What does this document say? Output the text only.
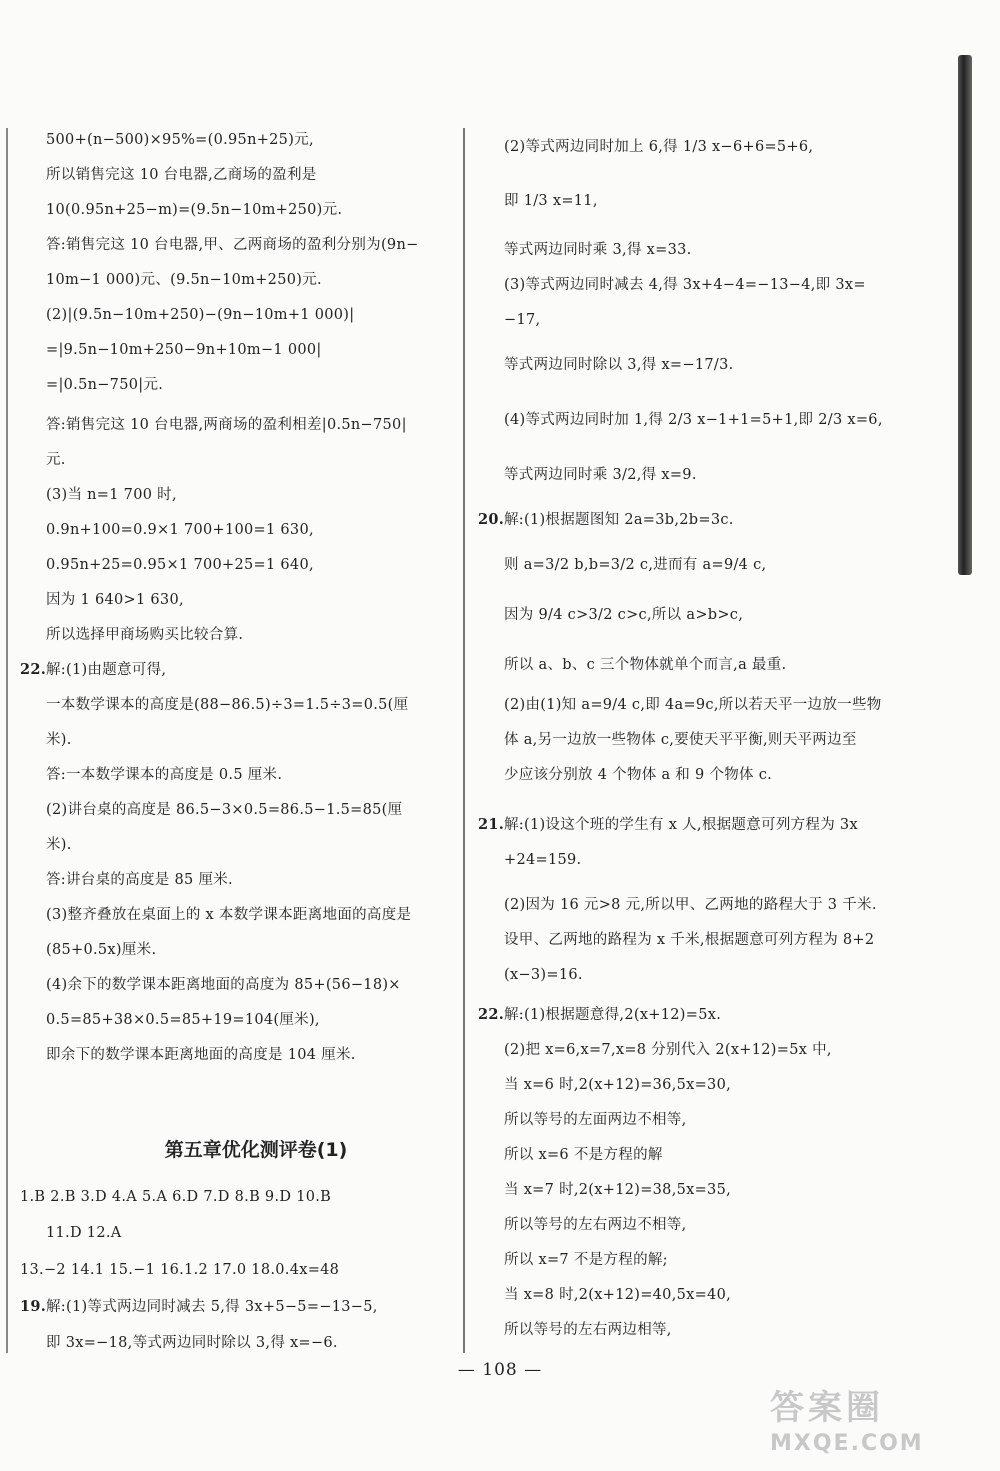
500+(n−500)×95%=(0.95n+25)元,
所以销售完这 10 台电器,乙商场的盈利是
10(0.95n+25−m)=(9.5n−10m+250)元.
答:销售完这 10 台电器,甲、乙两商场的盈利分别为(9n−
10m−1 000)元、(9.5n−10m+250)元.
(2)|(9.5n−10m+250)−(9n−10m+1 000)|
=|9.5n−10m+250−9n+10m−1 000|
=|0.5n−750|元.
答:销售完这 10 台电器,两商场的盈利相差|0.5n−750|
元.
(3)当 n=1 700 时,
0.9n+100=0.9×1 700+100=1 630,
0.95n+25=0.95×1 700+25=1 640,
因为 1 640>1 630,
所以选择甲商场购买比较合算.
解:(1)由题意可得,
一本数学课本的高度是(88−86.5)÷3=1.5÷3=0.5(厘
米).
答:一本数学课本的高度是 0.5 厘米.
(2)讲台桌的高度是 86.5−3×0.5=86.5−1.5=85(厘
米).
答:讲台桌的高度是 85 厘米.
(3)整齐叠放在桌面上的 x 本数学课本距离地面的高度是
(85+0.5x)厘米.
(4)余下的数学课本距离地面的高度为 85+(56−18)×
0.5=85+38×0.5=85+19=104(厘米),
即余下的数学课本距离地面的高度是 104 厘米.
22.
第五章优化测评卷(1)
1.B 2.B 3.D 4.A 5.A 6.D 7.D 8.B 9.D 10.B
11.D 12.A
13.−2 14.1 15.−1 16.1.2 17.0 18.0.4x=48
19. 解:(1)等式两边同时减去 5,得 3x+5−5=−13−5,
即 3x=−18,等式两边同时除以 3,得 x=−6.
(2)等式两边同时加上 6,得 1/3 x−6+6=5+6,
即 1/3 x=11,
等式两边同时乘 3,得 x=33.
(3)等式两边同时减去 4,得 3x+4−4=−13−4,即 3x=
−17,
等式两边同时除以 3,得 x=−17/3.
(4)等式两边同时加 1,得 2/3 x−1+1=5+1,即 2/3 x=6,
等式两边同时乘 3/2,得 x=9.
解:(1)根据题图知 2a=3b,2b=3c.
则 a=3/2 b,b=3/2 c,进而有 a=9/4 c,
因为 9/4 c>3/2 c>c,所以 a>b>c,
所以 a、b、c 三个物体就单个而言,a 最重.
(2)由(1)知 a=9/4 c,即 4a=9c,所以若天平一边放一些物
体 a,另一边放一些物体 c,要使天平平衡,则天平两边至
少应该分别放 4 个物体 a 和 9 个物体 c.
解:(1)设这个班的学生有 x 人,根据题意可列方程为 3x
+24=159.
(2)因为 16 元>8 元,所以甲、乙两地的路程大于 3 千米.
设甲、乙两地的路程为 x 千米,根据题意可列方程为 8+2
(x−3)=16.
解:(1)根据题意得,2(x+12)=5x.
(2)把 x=6,x=7,x=8 分别代入 2(x+12)=5x 中,
当 x=6 时,2(x+12)=36,5x=30,
所以等号的左面两边不相等,
所以 x=6 不是方程的解
当 x=7 时,2(x+12)=38,5x=35,
所以等号的左右两边不相等,
所以 x=7 不是方程的解;
当 x=8 时,2(x+12)=40,5x=40,
所以等号的左右两边相等,
20.
21.
22.
— 108 —
答案圈
MXQE.COM
